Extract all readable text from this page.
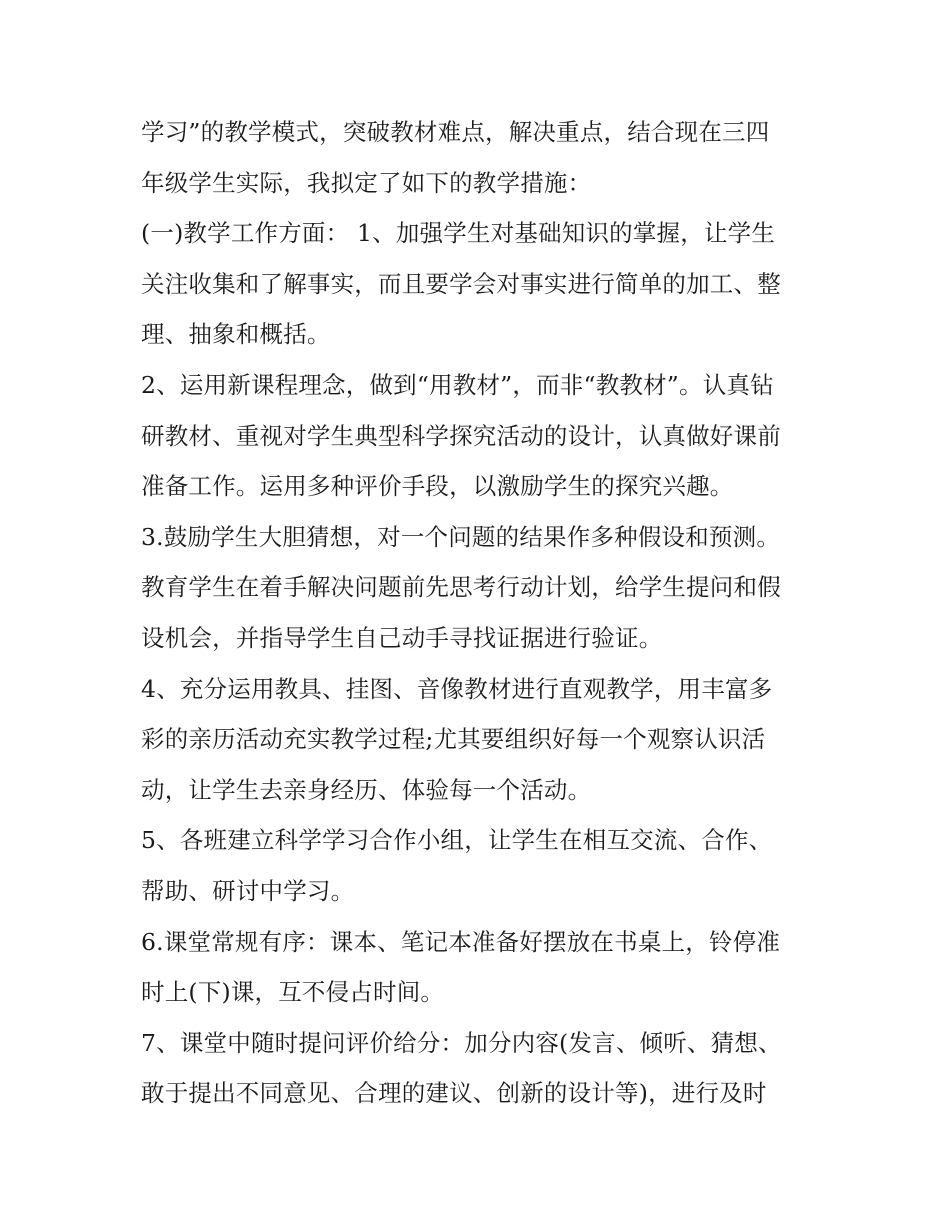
学习”的教学模式，突破教材难点，解决重点，结合现在三四
年级学生实际，我拟定了如下的教学措施：
(一)教学工作方面： 1、加强学生对基础知识的掌握，让学生
关注收集和了解事实，而且要学会对事实进行简单的加工、整
理、抽象和概括。
2、运用新课程理念，做到“用教材”，而非“教教材”。认真钻
研教材、重视对学生典型科学探究活动的设计，认真做好课前
准备工作。运用多种评价手段，以激励学生的探究兴趣。
3.鼓励学生大胆猜想，对一个问题的结果作多种假设和预测。
教育学生在着手解决问题前先思考行动计划，给学生提问和假
设机会，并指导学生自己动手寻找证据进行验证。
4、充分运用教具、挂图、音像教材进行直观教学，用丰富多
彩的亲历活动充实教学过程;尤其要组织好每一个观察认识活
动，让学生去亲身经历、体验每一个活动。
5、各班建立科学学习合作小组，让学生在相互交流、合作、
帮助、研讨中学习。
6.课堂常规有序：课本、笔记本准备好摆放在书桌上，铃停准
时上(下)课，互不侵占时间。
7、课堂中随时提问评价给分：加分内容(发言、倾听、猜想、
敢于提出不同意见、合理的建议、创新的设计等)，进行及时
